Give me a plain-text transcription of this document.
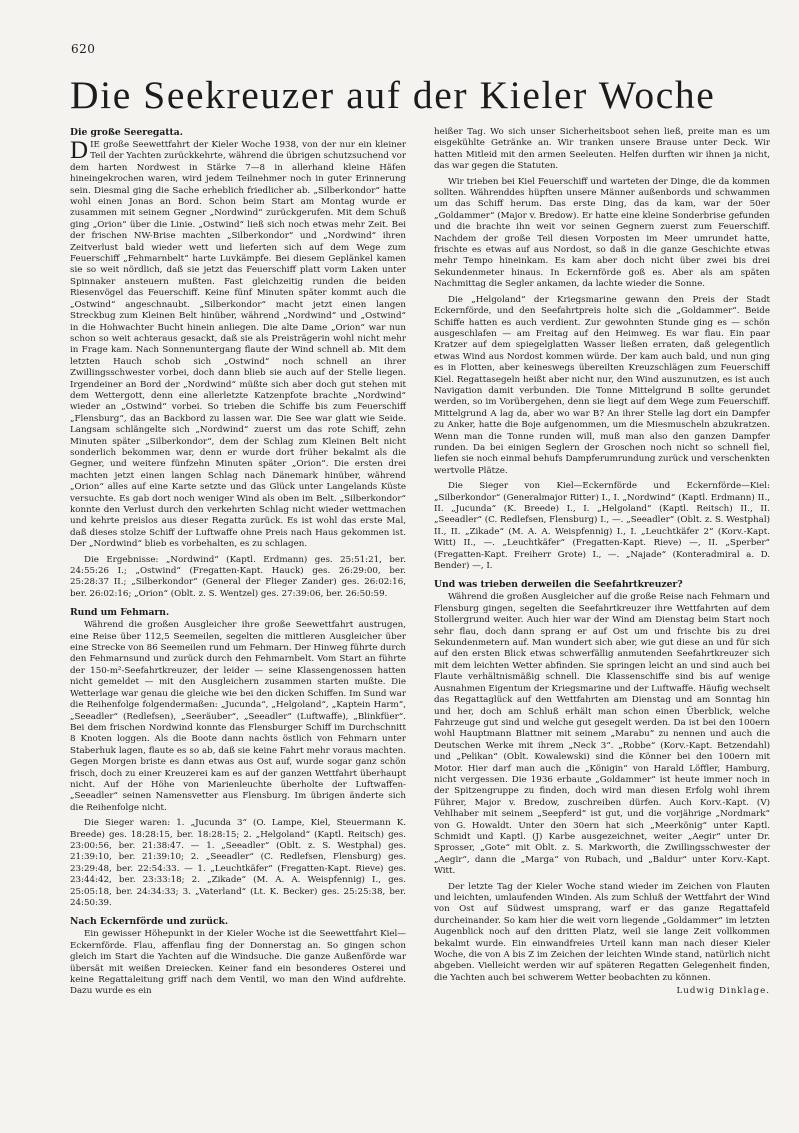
620
Die Seekreuzer auf der Kieler Woche
Die große Seeregatta.

DIE große Seewettfahrt der Kieler Woche 1938, von der nur ein kleiner Teil der Yachten zurückkehrte, während die übrigen schutzsuchend vor dem harten Nordwest in Stärke 7—8 in allerhand kleine Häfen hineingekrochen waren, wird jedem Teilnehmer noch in guter Erinnerung sein. Diesmal ging die Sache erheblich friedlicher ab. „Silberkondor“ hatte wohl einen Jonas an Bord. Schon beim Start am Montag wurde er zusammen mit seinem Gegner „Nordwind“ zurückgerufen. Mit dem Schuß ging „Orion“ über die Linie. „Ostwind“ ließ sich noch etwas mehr Zeit. Bei der frischen NW-Brise machten „Silberkondor“ und „Nordwind“ ihren Zeitverlust bald wieder wett und lieferten sich auf dem Wege zum Feuerschiff „Fehmarnbelt“ harte Luvkämpfe. Bei diesem Geplänkel kamen sie so weit nördlich, daß sie jetzt das Feuerschiff platt vorm Laken unter Spinnaker ansteuern mußten. Fast gleichzeitig runden die beiden Riesenvögel das Feuerschiff. Keine fünf Minuten später kommt auch die „Ostwind“ angeschnaubt. „Silberkondor“ macht jetzt einen langen Streckbug zum Kleinen Belt hinüber, während „Nordwind“ und „Ostwind“ in die Hohwachter Bucht hinein anliegen. Die alte Dame „Orion“ war nun schon so weit achteraus gesackt, daß sie als Preisträgerin wohl nicht mehr in Frage kam. Nach Sonnenuntergang flaute der Wind schnell ab. Mit dem letzten Hauch schob sich „Ostwind“ noch schnell an ihrer Zwillingsschwester vorbei, doch dann blieb sie auch auf der Stelle liegen. Irgendeiner an Bord der „Nordwind“ müßte sich aber doch gut stehen mit dem Wettergott, denn eine allerletzte Katzenpfote brachte „Nordwind“ wieder an „Ostwind“ vorbei. So trieben die Schiffe bis zum Feuerschiff „Flensburg“, das an Backbord zu lassen war. Die See war glatt wie Seide. Langsam schlängelte sich „Nordwind“ zuerst um das rote Schiff, zehn Minuten später „Silberkondor“, dem der Schlag zum Kleinen Belt nicht sonderlich bekommen war, denn er wurde dort früher bekalmt als die Gegner, und weitere fünfzehn Minuten später „Orion“. Die ersten drei machten jetzt einen langen Schlag nach Dänemark hinüber, während „Orion“ alles auf eine Karte setzte und das Glück unter Langelands Küste versuchte. Es gab dort noch weniger Wind als oben im Belt. „Silberkondor“ konnte den Verlust durch den verkehrten Schlag nicht wieder wettmachen und kehrte preislos aus dieser Regatta zurück. Es ist wohl das erste Mal, daß dieses stolze Schiff der Luftwaffe ohne Preis nach Haus gekommen ist. Der „Nordwind“ blieb es vorbehalten, es zu schlagen.

Die Ergebnisse: „Nordwind“ (Kaptl. Erdmann) ges. 25:51:21, ber. 24:55:26 I.; „Ostwind“ (Fregatten-Kapt. Hauck) ges. 26:29:00, ber. 25:28:37 II.; „Silberkondor“ (General der Flieger Zander) ges. 26:02:16, ber. 26:02:16; „Orion“ (Oblt. z. S. Wentzel) ges. 27:39:06, ber. 26:50:59.

Rund um Fehmarn.

Während die großen Ausgleicher ihre große Seewettfahrt austrugen, eine Reise über 112,5 Seemeilen, segelten die mittleren Ausgleicher über eine Strecke von 86 Seemeilen rund um Fehmarn. Der Hinweg führte durch den Fehmarnsund und zurück durch den Fehmarnbelt. Vom Start an führte der 150-m²-Seefahrtkreuzer, der leider — seine Klassengenossen hatten nicht gemeldet — mit den Ausgleichern zusammen starten mußte. Die Wetterlage war genau die gleiche wie bei den dicken Schiffen. Im Sund war die Reihenfolge folgendermaßen: „Jucunda“, „Helgoland“, „Kaptein Harm“, „Seeadler“ (Redlefsen), „Seeräuber“, „Seeadler“ (Luftwaffe), „Blinkfüer“. Bei dem frischen Nordwind konnte das Flensburger Schiff im Durchschnitt 8 Knoten loggen. Als die Boote dann nachts östlich von Fehmarn unter Staberhuk lagen, flaute es so ab, daß sie keine Fahrt mehr voraus machten. Gegen Morgen briste es dann etwas aus Ost auf, wurde sogar ganz schön frisch, doch zu einer Kreuzerei kam es auf der ganzen Wettfahrt überhaupt nicht. Auf der Höhe von Marienleuchte überholte der Luftwaffen-„Seeadler“ seinen Namensvetter aus Flensburg. Im übrigen änderte sich die Reihenfolge nicht.

Die Sieger waren: 1. „Jucunda 3“ (O. Lampe, Kiel, Steuermann K. Breede) ges. 18:28:15, ber. 18:28:15; 2. „Helgoland“ (Kaptl. Reitsch) ges. 23:00:56, ber. 21:38:47. — 1. „Seeadler“ (Oblt. z. S. Westphal) ges. 21:39:10, ber. 21:39:10; 2. „Seeadler“ (C. Redlefsen, Flensburg) ges. 23:29:48, ber. 22:54:33. — 1. „Leuchtkäfer“ (Fregatten-Kapt. Rieve) ges. 23:44:42, ber. 23:33:18; 2. „Zikade“ (M. A. A. Weispfennig) I., ges. 25:05:18, ber. 24:34:33; 3. „Vaterland“ (Lt. K. Becker) ges. 25:25:38, ber. 24:50:39.

Nach Eckernförde und zurück.

Ein gewisser Höhepunkt in der Kieler Woche ist die Seewettfahrt Kiel—Eckernförde. Flau, affenflau fing der Donnerstag an. So gingen schon gleich im Start die Yachten auf die Windsuche. Die ganze Außenförde war übersät mit weißen Dreiecken. Keiner fand ein besonderes Osterei und keine Regattaleitung griff nach dem Ventil, wo man den Wind aufdrehte. Dazu wurde es ein

heißer Tag. Wo sich unser Sicherheitsboot sehen ließ, preite man es um eisgekühlte Getränke an. Wir tranken unsere Brause unter Deck. Wir hatten Mitleid mit den armen Seeleuten. Helfen durften wir ihnen ja nicht, das war gegen die Statuten.

Wir trieben bei Kiel Feuerschiff und warteten der Dinge, die da kommen sollten. Währenddes hüpften unsere Männer außenbords und schwammen um das Schiff herum. Das erste Ding, das da kam, war der 50er „Goldammer“ (Major v. Bredow). Er hatte eine kleine Sonderbrise gefunden und die brachte ihn weit vor seinen Gegnern zuerst zum Feuerschiff. Nachdem der große Teil diesen Vorposten im Meer umrundet hatte, frischte es etwas auf aus Nordost, so daß in die ganze Geschichte etwas mehr Tempo hineinkam. Es kam aber doch nicht über zwei bis drei Sekundenmeter hinaus. In Eckernförde goß es. Aber als am späten Nachmittag die Segler ankamen, da lachte wieder die Sonne.

Die „Helgoland“ der Kriegsmarine gewann den Preis der Stadt Eckernförde, und den Seefahrtpreis holte sich die „Goldammer“. Beide Schiffe hatten es auch verdient. Zur gewohnten Stunde ging es — schön ausgeschlafen — am Freitag auf den Heimweg. Es war flau. Ein paar Kratzer auf dem spiegelglatten Wasser ließen erraten, daß gelegentlich etwas Wind aus Nordost kommen würde. Der kam auch bald, und nun ging es in Flotten, aber keineswegs übereilten Kreuzschlägen zum Feuerschiff Kiel. Regattasegeln heißt aber nicht nur, den Wind auszunutzen, es ist auch Navigation damit verbunden. Die Tonne Mittelgrund B sollte gerundet werden, so im Vorübergehen, denn sie liegt auf dem Wege zum Feuerschiff. Mittelgrund A lag da, aber wo war B? An ihrer Stelle lag dort ein Dampfer zu Anker, hatte die Boje aufgenommen, um die Miesmuscheln abzukratzen. Wenn man die Tonne runden will, muß man also den ganzen Dampfer runden. Da bei einigen Seglern der Groschen noch nicht so schnell fiel, liefen sie noch einmal behufs Dampferumrundung zurück und verschenkten wertvolle Plätze.

Die Sieger von Kiel—Eckernförde und Eckernförde—Kiel: „Silberkondor“ (Generalmajor Ritter) I., I. „Nordwind“ (Kaptl. Erdmann) II., II. „Jucunda“ (K. Breede) I., I. „Helgoland“ (Kaptl. Reitsch) II., II. „Seeadler“ (C. Redlefsen, Flensburg) I., —. „Seeadler“ (Oblt. z. S. Westphal) II., II. „Zikade“ (M. A. A. Weispfennig) I., I. „Leuchtkäfer 2“ (Korv.-Kapt. Witt) II., —. „Leuchtkäfer“ (Fregatten-Kapt. Rieve) —, II. „Sperber“ (Fregatten-Kapt. Freiherr Grote) I., —. „Najade“ (Konteradmiral a. D. Bender) —, I.

Und was trieben derweilen die Seefahrtkreuzer?

Während die großen Ausgleicher auf die große Reise nach Fehmarn und Flensburg gingen, segelten die Seefahrtkreuzer ihre Wettfahrten auf dem Stollergrund weiter. Auch hier war der Wind am Dienstag beim Start noch sehr flau, doch dann sprang er auf Ost um und frischte bis zu drei Sekundenmetern auf. Man wundert sich aber, wie gut diese an und für sich auf den ersten Blick etwas schwerfällig anmutenden Seefahrtkreuzer sich mit dem leichten Wetter abfinden. Sie springen leicht an und sind auch bei Flaute verhältnismäßig schnell. Die Klassenschiffe sind bis auf wenige Ausnahmen Eigentum der Kriegsmarine und der Luftwaffe. Häufig wechselt das Regattaglück auf den Wettfahrten am Dienstag und am Sonntag hin und her, doch am Schluß erhält man schon einen Überblick, welche Fahrzeuge gut sind und welche gut gesegelt werden. Da ist bei den 100ern wohl Hauptmann Blattner mit seinem „Marabu“ zu nennen und auch die Deutschen Werke mit ihrem „Neck 3“. „Robbe“ (Korv.-Kapt. Betzendahl) und „Pelikan“ (Oblt. Kowalewski) sind die Könner bei den 100ern mit Motor. Hier darf man auch die „Königin“ von Harald Löffler, Hamburg, nicht vergessen. Die 1936 erbaute „Goldammer“ ist heute immer noch in der Spitzengruppe zu finden, doch wird man diesen Erfolg wohl ihrem Führer, Major v. Bredow, zuschreiben dürfen. Auch Korv.-Kapt. (V) Vehlhaber mit seinem „Seepferd“ ist gut, und die vorjährige „Nordmark“ von G. Howaldt. Unter den 30ern hat sich „Meerkönig“ unter Kaptl. Schmidt und Kaptl. (J) Karbe ausgezeichnet, weiter „Aegir“ unter Dr. Sprosser, „Gote“ mit Oblt. z. S. Markworth, die Zwillingsschwester der „Aegir“, dann die „Marga“ von Rubach, und „Baldur“ unter Korv.-Kapt. Witt.

Der letzte Tag der Kieler Woche stand wieder im Zeichen von Flauten und leichten, umlaufenden Winden. Als zum Schluß der Wettfahrt der Wind von Ost auf Südwest umsprang, warf er das ganze Regattafeld durcheinander. So kam hier die weit vorn liegende „Goldammer“ im letzten Augenblick noch auf den dritten Platz, weil sie lange Zeit vollkommen bekalmt wurde. Ein einwandfreies Urteil kann man nach dieser Kieler Woche, die von A bis Z im Zeichen der leichten Winde stand, natürlich nicht abgeben. Vielleicht werden wir auf späteren Regatten Gelegenheit finden, die Yachten auch bei schwerem Wetter beobachten zu können.

Ludwig Dinklage.
